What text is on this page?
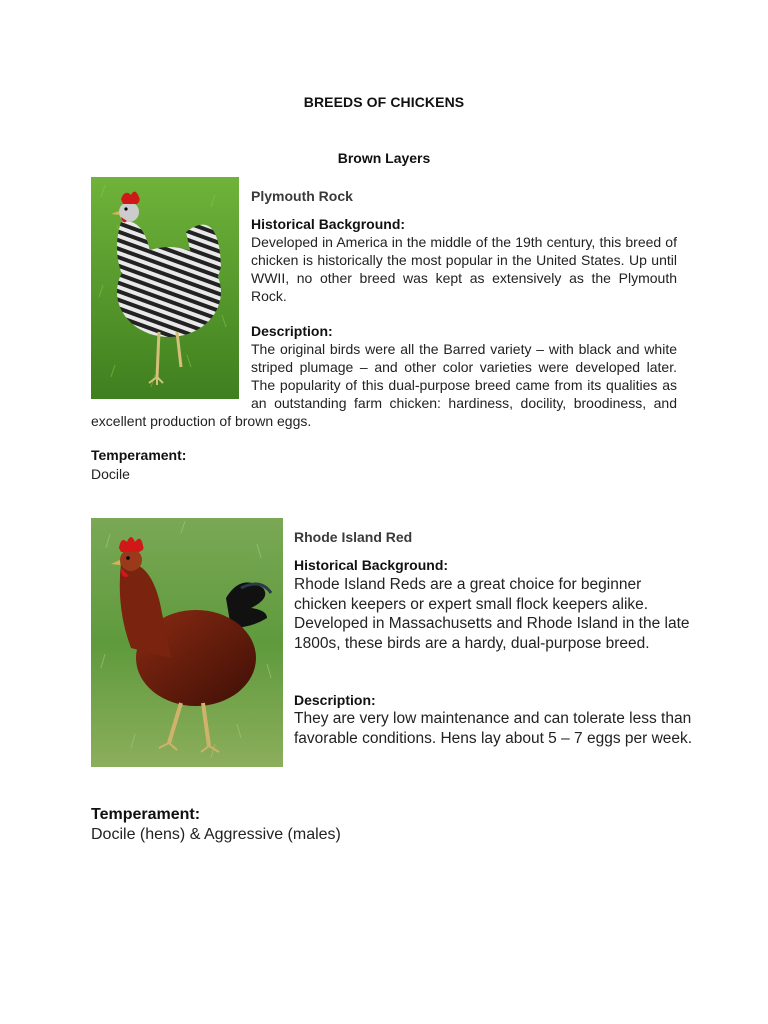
BREEDS OF CHICKENS
Brown Layers
Plymouth Rock
Historical Background:
Developed in America in the middle of the 19th century, this breed of chicken is historically the most popular in the United States. Up until WWII, no other breed was kept as extensively as the Plymouth Rock.
Description:
The original birds were all the Barred variety – with black and white striped plumage – and other color varieties were developed later. The popularity of this dual-purpose breed came from its qualities as an outstanding farm chicken: hardiness, docility, broodiness, and excellent production of brown eggs.
Temperament:
Docile
Rhode Island Red
Historical Background:
Rhode Island Reds are a great choice for beginner chicken keepers or expert small flock keepers alike. Developed in Massachusetts and Rhode Island in the late 1800s, these birds are a hardy, dual-purpose breed.
Description:
They are very low maintenance and can tolerate less than favorable conditions. Hens lay about 5 – 7 eggs per week.
Temperament:
Docile (hens) & Aggressive (males)
